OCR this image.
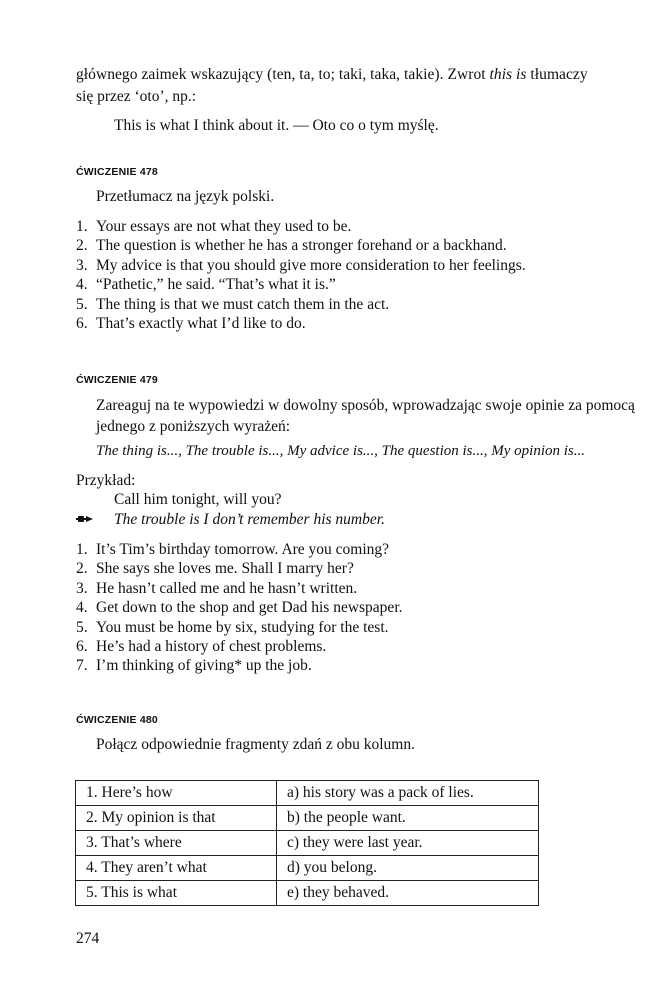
głównego zaimek wskazujący (ten, ta, to; taki, taka, takie). Zwrot this is tłumaczy
się przez ‘oto’, np.:
This is what I think about it. — Oto co o tym myślę.
ĆWICZENIE 478
Przetłumacz na język polski.
1. Your essays are not what they used to be.
2. The question is whether he has a stronger forehand or a backhand.
3. My advice is that you should give more consideration to her feelings.
4. “Pathetic,” he said. “That’s what it is.”
5. The thing is that we must catch them in the act.
6. That’s exactly what I’d like to do.
ĆWICZENIE 479
Zareaguj na te wypowiedzi w dowolny sposób, wprowadzając swoje opinie za pomocą jednego z poniższych wyrażeń:
The thing is..., The trouble is..., My advice is..., The question is..., My opinion is...
Przykład:
Call him tonight, will you?
The trouble is I don’t remember his number.
1. It’s Tim’s birthday tomorrow. Are you coming?
2. She says she loves me. Shall I marry her?
3. He hasn’t called me and he hasn’t written.
4. Get down to the shop and get Dad his newspaper.
5. You must be home by six, studying for the test.
6. He’s had a history of chest problems.
7. I’m thinking of giving* up the job.
ĆWICZENIE 480
Połącz odpowiednie fragmenty zdań z obu kolumn.
1. Here’s how	a) his story was a pack of lies.
2. My opinion is that	b) the people want.
3. That’s where	c) they were last year.
4. They aren’t what	d) you belong.
5. This is what	e) they behaved.
274
